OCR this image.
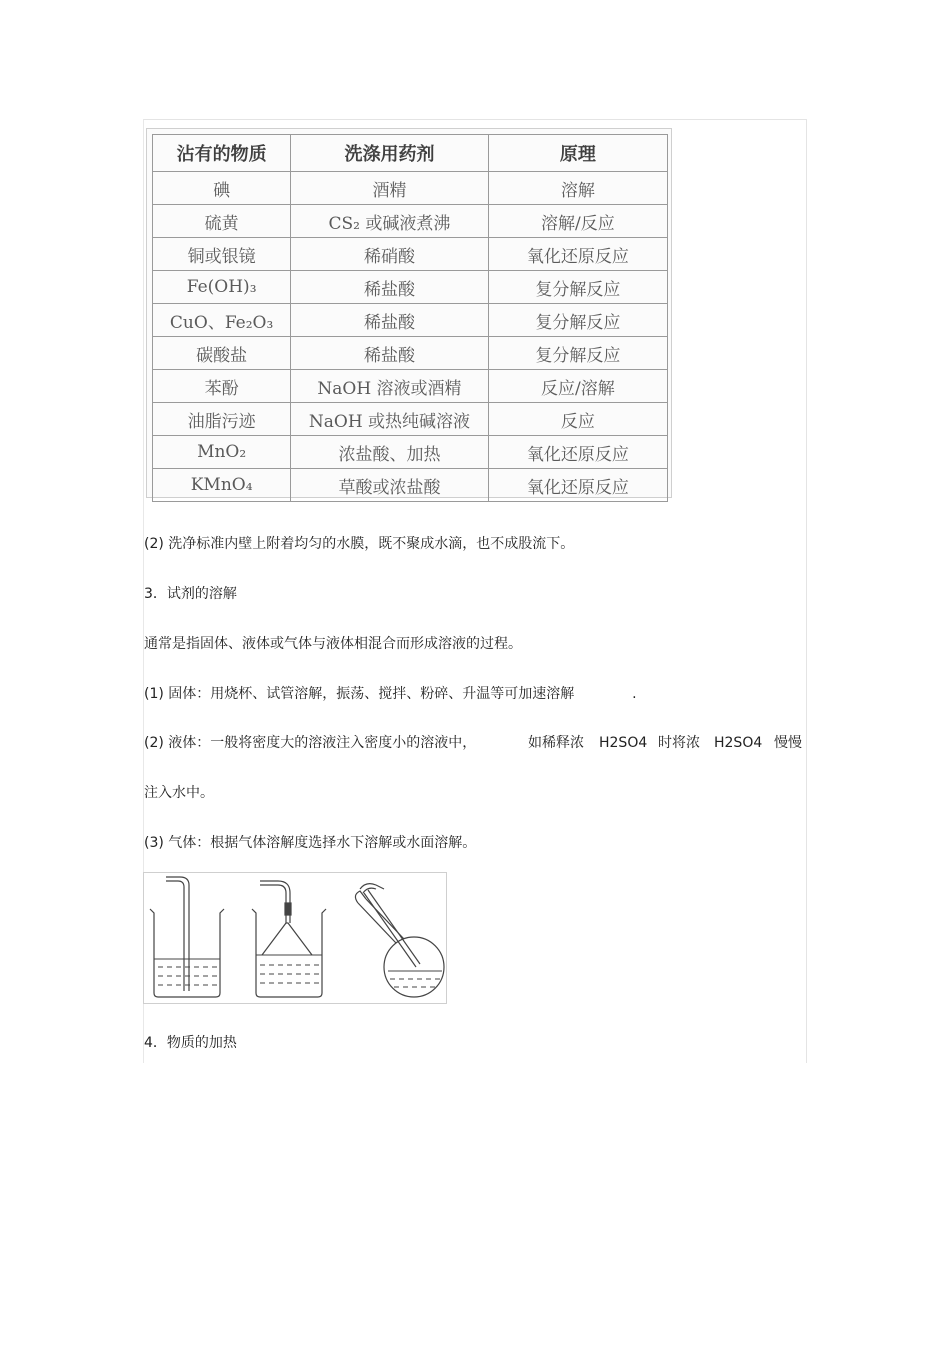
沾有的物质	洗涤用药剂	原理
碘	酒精	溶解
硫黄	CS₂ 或碱液煮沸	溶解/反应
铜或银镜	稀硝酸	氧化还原反应
Fe(OH)₃	稀盐酸	复分解反应
CuO、Fe₂O₃	稀盐酸	复分解反应
碳酸盐	稀盐酸	复分解反应
苯酚	NaOH 溶液或酒精	反应/溶解
油脂污迹	NaOH 或热纯碱溶液	反应
MnO₂	浓盐酸、加热	氧化还原反应
KMnO₄	草酸或浓盐酸	氧化还原反应
(2) 洗净标准内壁上附着均匀的水膜，既不聚成水滴，也不成股流下。
3．试剂的溶解
通常是指固体、液体或气体与液体相混合而形成溶液的过程。
(1) 固体：用烧杯、试管溶解，振荡、搅拌、粉碎、升温等可加速溶解             .

(2) 液体：一般将密度大的溶液注入密度小的溶液中，

	如稀释浓

H2SO4

时将浓

H2SO4

慢慢

注入水中。
(3) 气体：根据气体溶解度选择水下溶解或水面溶解。
4．物质的加热
